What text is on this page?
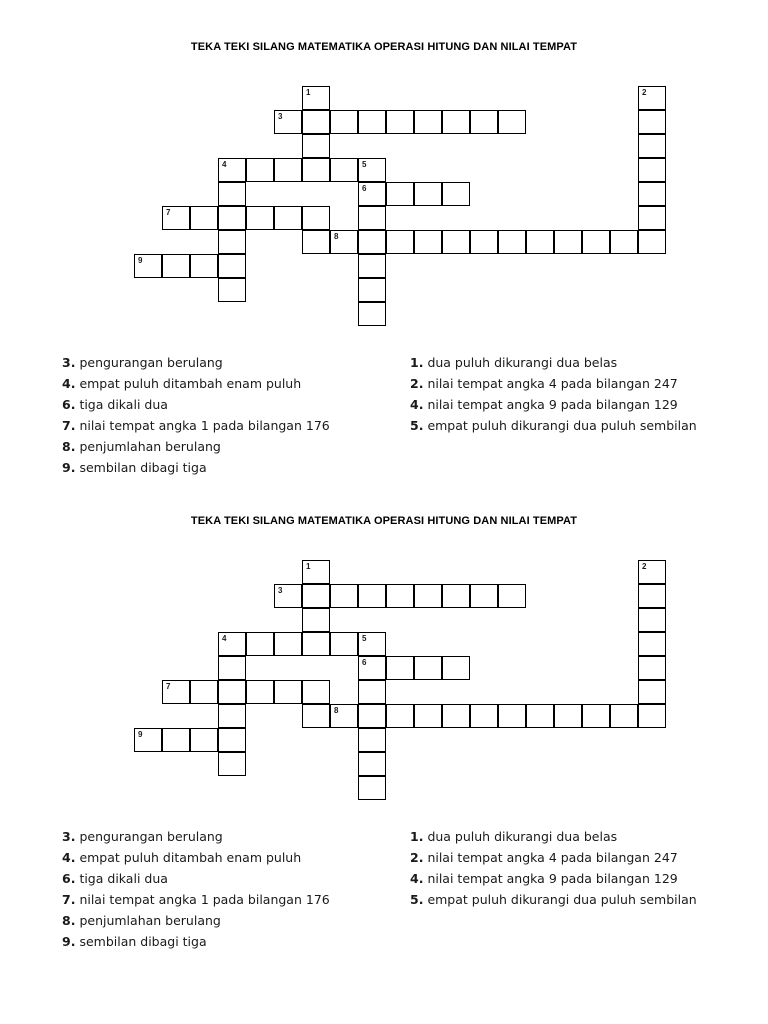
TEKA TEKI SILANG MATEMATIKA OPERASI HITUNG DAN NILAI TEMPAT
1	2
3
4	5
6
7
8
9
3. pengurangan berulang
4. empat puluh ditambah enam puluh
6. tiga dikali dua
7. nilai tempat angka 1 pada bilangan 176
8. penjumlahan berulang
9. sembilan dibagi tiga
1. dua puluh dikurangi dua belas
2. nilai tempat angka 4 pada bilangan 247
4. nilai tempat angka 9 pada bilangan 129
5. empat puluh dikurangi dua puluh sembilan
TEKA TEKI SILANG MATEMATIKA OPERASI HITUNG DAN NILAI TEMPAT
1	2
3
4	5
6
7
8
9
3. pengurangan berulang
4. empat puluh ditambah enam puluh
6. tiga dikali dua
7. nilai tempat angka 1 pada bilangan 176
8. penjumlahan berulang
9. sembilan dibagi tiga
1. dua puluh dikurangi dua belas
2. nilai tempat angka 4 pada bilangan 247
4. nilai tempat angka 9 pada bilangan 129
5. empat puluh dikurangi dua puluh sembilan
